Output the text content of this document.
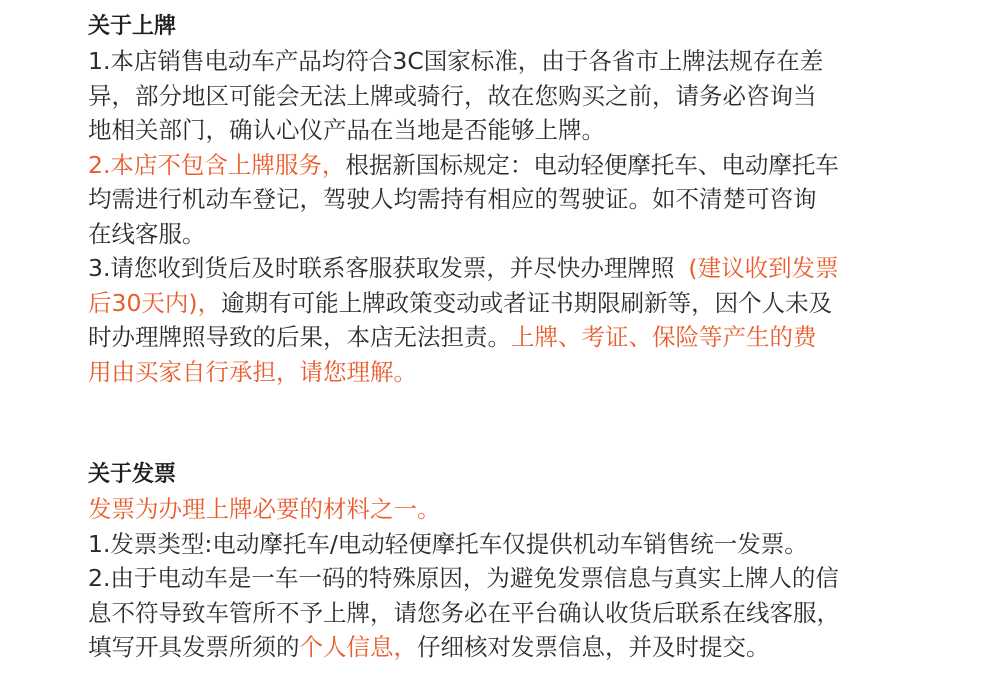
关于上牌

1.本店销售电动车产品均符合3C国家标准，由于各省市上牌法规存在差

异，部分地区可能会无法上牌或骑行，故在您购买之前，请务必咨询当

地相关部门，确认心仪产品在当地是否能够上牌。

2.本店不包含上牌服务，根据新国标规定：电动轻便摩托车、电动摩托车

均需进行机动车登记，驾驶人均需持有相应的驾驶证。如不清楚可咨询

在线客服。

3.请您收到货后及时联系客服获取发票，并尽快办理牌照 (建议收到发票

后30天内)，逾期有可能上牌政策变动或者证书期限刷新等，因个人未及

时办理牌照导致的后果，本店无法担责。上牌、考证、保险等产生的费

用由买家自行承担，请您理解。

关于发票

发票为办理上牌必要的材料之一。

1.发票类型:电动摩托车/电动轻便摩托车仅提供机动车销售统一发票。

2.由于电动车是一车一码的特殊原因，为避免发票信息与真实上牌人的信

息不符导致车管所不予上牌，请您务必在平台确认收货后联系在线客服，

填写开具发票所须的个人信息，仔细核对发票信息，并及时提交。
